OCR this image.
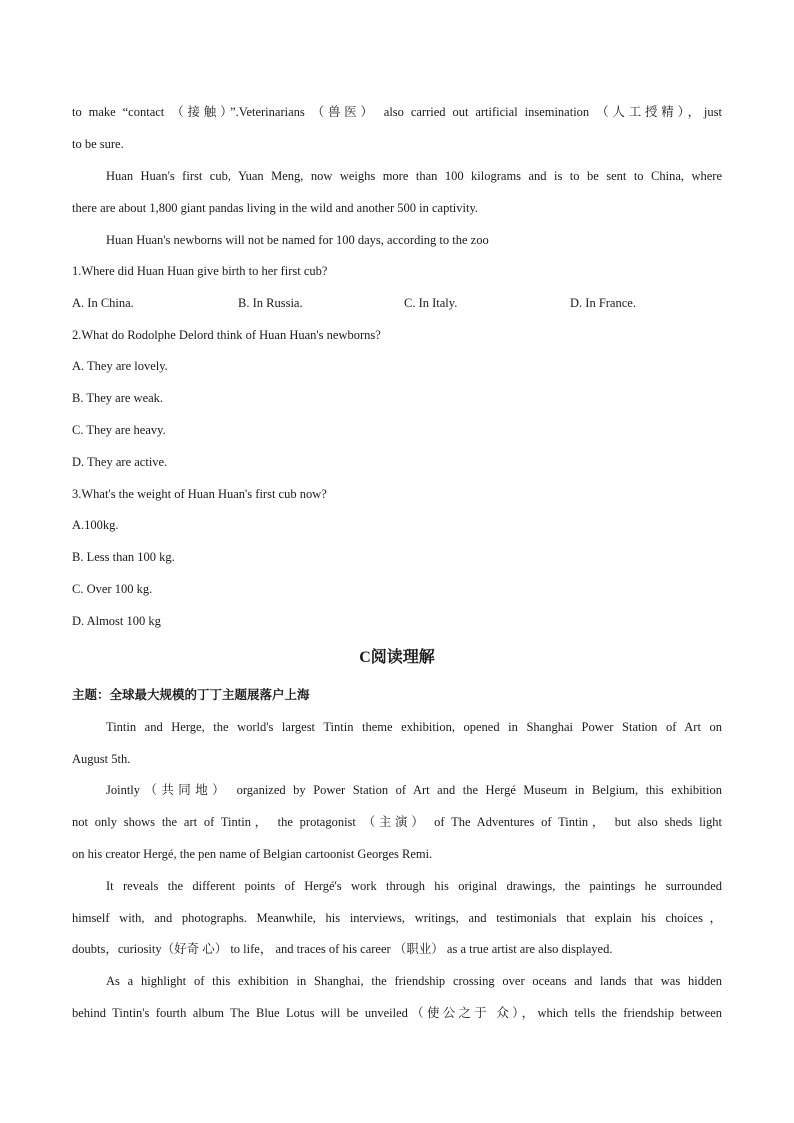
to make “contact （接触）”.Veterinarians （兽医） also carried out artificial insemination （人工授精），just
to be sure.
Huan Huan's first cub, Yuan Meng, now weighs more than 100 kilograms and is to be sent to China, where
there are about 1,800 giant pandas living in the wild and another 500 in captivity.
Huan Huan's newborns will not be named for 100 days, according to the zoo
1.Where did Huan Huan give birth to her first cub?
A. In China.	B. In Russia.	C. In Italy.	D. In France.
2.What do Rodolphe Delord think of Huan Huan's newborns?
A. They are lovely.
B. They are weak.
C. They are heavy.
D. They are active.
3.What's the weight of Huan Huan's first cub now?
A.100kg.
B. Less than 100 kg.
C. Over 100 kg.
D. Almost 100 kg
C阅读理解
主题：全球最大规模的丁丁主题展落户上海
Tintin and Herge, the world's largest Tintin theme exhibition, opened in Shanghai Power Station of Art on
August 5th.
Jointly（共同地） organized by Power Station of Art and the Hergé Museum in Belgium, this exhibition
not only shows the art of Tintin， the protagonist （主演） of The Adventures of Tintin， but also sheds light
on his creator Hergé, the pen name of Belgian cartoonist Georges Remi.
It reveals the different points of Hergé's work through his original drawings, the paintings he surrounded
himself with, and photographs. Meanwhile, his interviews, writings, and testimonials that explain his choices，
doubts，curiosity（好奇 心） to life， and traces of his career （职业） as a true artist are also displayed.
As a highlight of this exhibition in Shanghai, the friendship crossing over oceans and lands that was hidden
behind Tintin's fourth album The Blue Lotus will be unveiled（使公之于 众），which tells the friendship between
